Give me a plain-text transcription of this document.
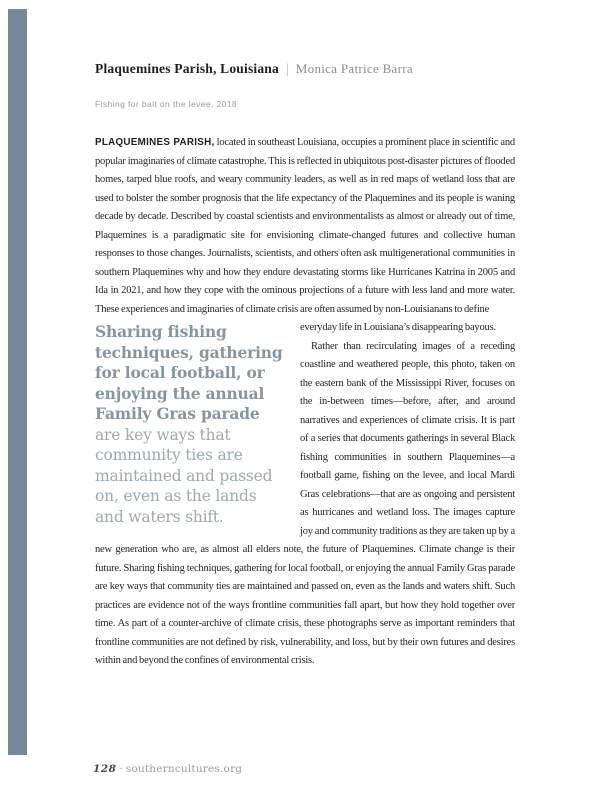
Plaquemines Parish, Louisiana | Monica Patrice Barra
Fishing for bait on the levee, 2018

PLAQUEMINES PARISH, located in southeast Louisiana, occupies a prominent place in scientific and popular imaginaries of climate catastrophe. This is reflected in ubiquitous post-disaster pictures of flooded homes, tarped blue roofs, and weary community leaders, as well as in red maps of wetland loss that are used to bolster the somber prognosis that the life expectancy of the Plaquemines and its people is waning decade by decade. Described by coastal scientists and environmentalists as almost or already out of time, Plaquemines is a paradigmatic site for envisioning climate-changed futures and collective human responses to those changes. Journalists, scientists, and others often ask multigenerational communities in southern Plaquemines why and how they endure devastating storms like Hurricanes Katrina in 2005 and Ida in 2021, and how they cope with the ominous projections of a future with less land and more water. These experiences and imaginaries of climate crisis are often assumed by non-Louisianans to define

Sharing fishing techniques, gathering for local football, or enjoying the annual Family Gras parade are key ways that community ties are maintained and passed on, even as the lands and waters shift.

everyday life in Louisiana’s disappearing bayous.

Rather than recirculating images of a receding coastline and weathered people, this photo, taken on the eastern bank of the Mississippi River, focuses on the in-between times—before, after, and around narratives and experiences of climate crisis. It is part of a series that documents gatherings in several Black fishing communities in southern Plaquemines—a football game, fishing on the levee, and local Mardi Gras celebrations—that are as ongoing and persistent as hurricanes and wetland loss. The images capture joy and community traditions as they are taken up by a new generation who are, as almost all elders note, the future of Plaquemines. Climate change is their future. Sharing fishing techniques, gathering for local football, or enjoying the annual Family Gras parade are key ways that community ties are maintained and passed on, even as the lands and waters shift. Such practices are evidence not of the ways frontline communities fall apart, but how they hold together over time. As part of a counter-archive of climate crisis, these photographs serve as important reminders that frontline communities are not defined by risk, vulnerability, and loss, but by their own futures and desires within and beyond the confines of environmental crisis.

128 · southerncultures.org
